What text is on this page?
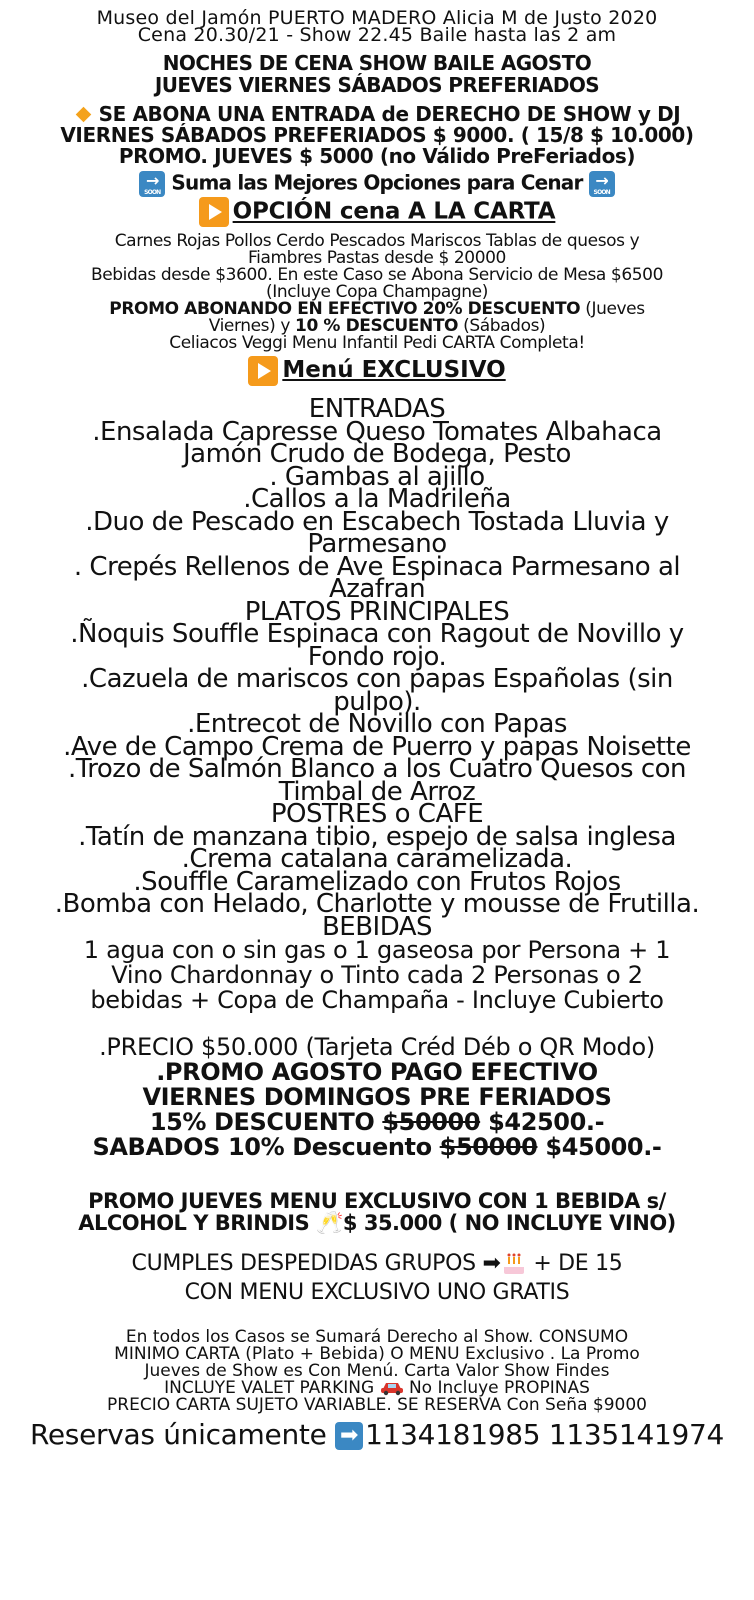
Museo del Jamón PUERTO MADERO Alicia M de Justo 2020
Cena 20.30/21 - Show 22.45 Baile hasta las 2 am
NOCHES DE CENA SHOW BAILE AGOSTO
JUEVES VIERNES SÁBADOS PREFERIADOS
SE ABONA UNA ENTRADA de DERECHO DE SHOW y DJ
VIERNES SÁBADOS PREFERIADOS $ 9000. ( 15/8 $ 10.000)
PROMO. JUEVES $ 5000 (no Válido PreFeriados)
→
SOON Suma las Mejores Opciones para Cenar →
SOON
OPCIÓN cena A LA CARTA
Carnes Rojas Pollos Cerdo Pescados Mariscos Tablas de quesos y
Fiambres Pastas desde $ 20000
Bebidas desde $3600. En este Caso se Abona Servicio de Mesa $6500
(Incluye Copa Champagne)
PROMO ABONANDO EN EFECTIVO 20% DESCUENTO (Jueves
Viernes) y 10 % DESCUENTO (Sábados)
Celiacos Veggi Menu Infantil Pedi CARTA Completa!
Menú EXCLUSIVO
ENTRADAS
.Ensalada Capresse Queso Tomates Albahaca
Jamón Crudo de Bodega, Pesto
. Gambas al ajillo
.Callos a la Madrileña
.Duo de Pescado en Escabech Tostada Lluvia y
Parmesano
. Crepés Rellenos de Ave Espinaca Parmesano al
Azafran
PLATOS PRINCIPALES
.Ñoquis Souffle Espinaca con Ragout de Novillo y
Fondo rojo.
.Cazuela de mariscos con papas Españolas (sin
pulpo).
.Entrecot de Novillo con Papas
.Ave de Campo Crema de Puerro y papas Noisette
.Trozo de Salmón Blanco a los Cuatro Quesos con
Timbal de Arroz
POSTRES o CAFE
.Tatín de manzana tibio, espejo de salsa inglesa
.Crema catalana caramelizada.
.Souffle Caramelizado con Frutos Rojos
.Bomba con Helado, Charlotte y mousse de Frutilla.
BEBIDAS
1 agua con o sin gas o 1 gaseosa por Persona + 1
Vino Chardonnay o Tinto cada 2 Personas o 2
bebidas + Copa de Champaña - Incluye Cubierto
.PRECIO $50.000 (Tarjeta Créd Déb o QR Modo)
.PROMO AGOSTO PAGO EFECTIVO
VIERNES DOMINGOS PRE FERIADOS
15% DESCUENTO $50000 $42500.-
SABADOS 10% Descuento $50000 $45000.-
PROMO JUEVES MENU EXCLUSIVO CON 1 BEBIDA s/
ALCOHOL Y BRINDIS 🥂$ 35.000 ( NO INCLUYE VINO)
CUMPLES DESPEDIDAS GRUPOS ➡ + DE 15
CON MENU EXCLUSIVO UNO GRATIS
En todos los Casos se Sumará Derecho al Show. CONSUMO
MINIMO CARTA (Plato + Bebida) O MENU Exclusivo . La Promo
Jueves de Show es Con Menú. Carta Valor Show Findes
INCLUYE VALET PARKING  No Incluye PROPINAS
PRECIO CARTA SUJETO VARIABLE. SE RESERVA Con Seña $9000
Reservas únicamente ➡ 1134181985 1135141974
